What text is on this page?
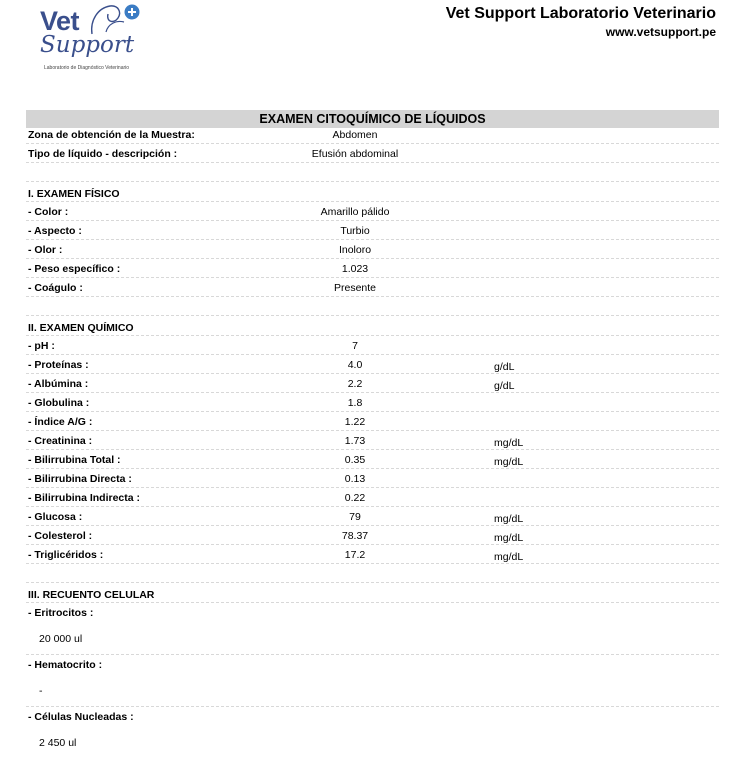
Vet
Support
Laboratorio de Diagnóstico Veterinario
Vet Support Laboratorio Veterinario
www.vetsupport.pe
EXAMEN CITOQUÍMICO DE LÍQUIDOS
Zona de obtención de la Muestra:	Abdomen
Tipo de líquido - descripción :	Efusión abdominal
I. EXAMEN FÍSICO
- Color :	Amarillo pálido
- Aspecto :	Turbio
- Olor :	Inoloro
- Peso específico :	1.023
- Coágulo :	Presente
II. EXAMEN QUÍMICO
- pH :	7
- Proteínas :	4.0	g/dL
- Albúmina :	2.2	g/dL
- Globulina :	1.8
- Índice A/G :	1.22
- Creatinina :	1.73	mg/dL
- Bilirrubina Total :	0.35	mg/dL
- Bilirrubina Directa :	0.13
- Bilirrubina Indirecta :	0.22
- Glucosa :	79	mg/dL
- Colesterol :	78.37	mg/dL
- Triglicéridos :	17.2	mg/dL
III. RECUENTO CELULAR
- Eritrocitos :
20 000 ul
- Hematocrito :
-
- Células Nucleadas :
2 450 ul
